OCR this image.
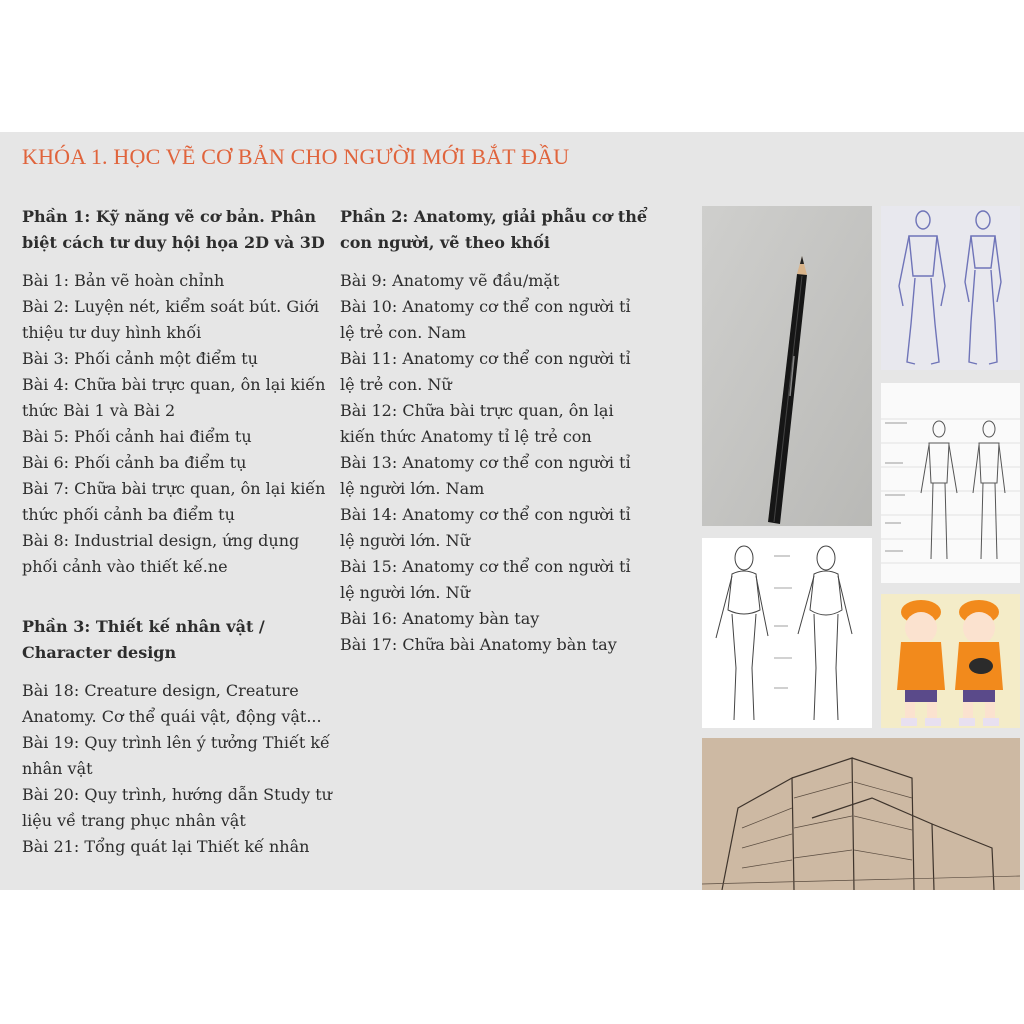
KHÓA 1. HỌC VẼ CƠ BẢN CHO NGƯỜI MỚI BẮT ĐẦU

Phần 1: Kỹ năng vẽ cơ bản. Phân biệt cách tư duy hội họa 2D và 3D

Bài 1: Bản vẽ hoàn chỉnh

Bài 2: Luyện nét, kiểm soát bút. Giới thiệu tư duy hình khối

Bài 3: Phối cảnh một điểm tụ

Bài 4: Chữa bài trực quan, ôn lại kiến thức Bài 1 và Bài 2

Bài 5: Phối cảnh hai điểm tụ

Bài 6: Phối cảnh ba điểm tụ

Bài 7: Chữa bài trực quan, ôn lại kiến thức phối cảnh ba điểm tụ

Bài 8: Industrial design, ứng dụng phối cảnh vào thiết kế.ne

Phần 2: Anatomy, giải phẫu cơ thể con người, vẽ theo khối

Bài 9: Anatomy vẽ đầu/mặt

Bài 10: Anatomy cơ thể con người tỉ lệ trẻ con. Nam

Bài 11: Anatomy cơ thể con người tỉ lệ trẻ con. Nữ

Bài 12: Chữa bài trực quan, ôn lại kiến thức Anatomy tỉ lệ trẻ con

Bài 13: Anatomy cơ thể con người tỉ lệ người lớn. Nam

Bài 14: Anatomy cơ thể con người tỉ lệ người lớn. Nữ

Bài 15: Anatomy cơ thể con người tỉ lệ người lớn. Nữ

Bài 16: Anatomy bàn tay

Bài 17: Chữa bài Anatomy bàn tay

Phần 3: Thiết kế nhân vật / Character design

Bài 18: Creature design, Creature Anatomy. Cơ thể quái vật, động vật...

Bài 19: Quy trình lên ý tưởng Thiết kế nhân vật

Bài 20: Quy trình, hướng dẫn Study tư liệu về trang phục nhân vật

Bài 21: Tổng quát lại Thiết kế nhân
